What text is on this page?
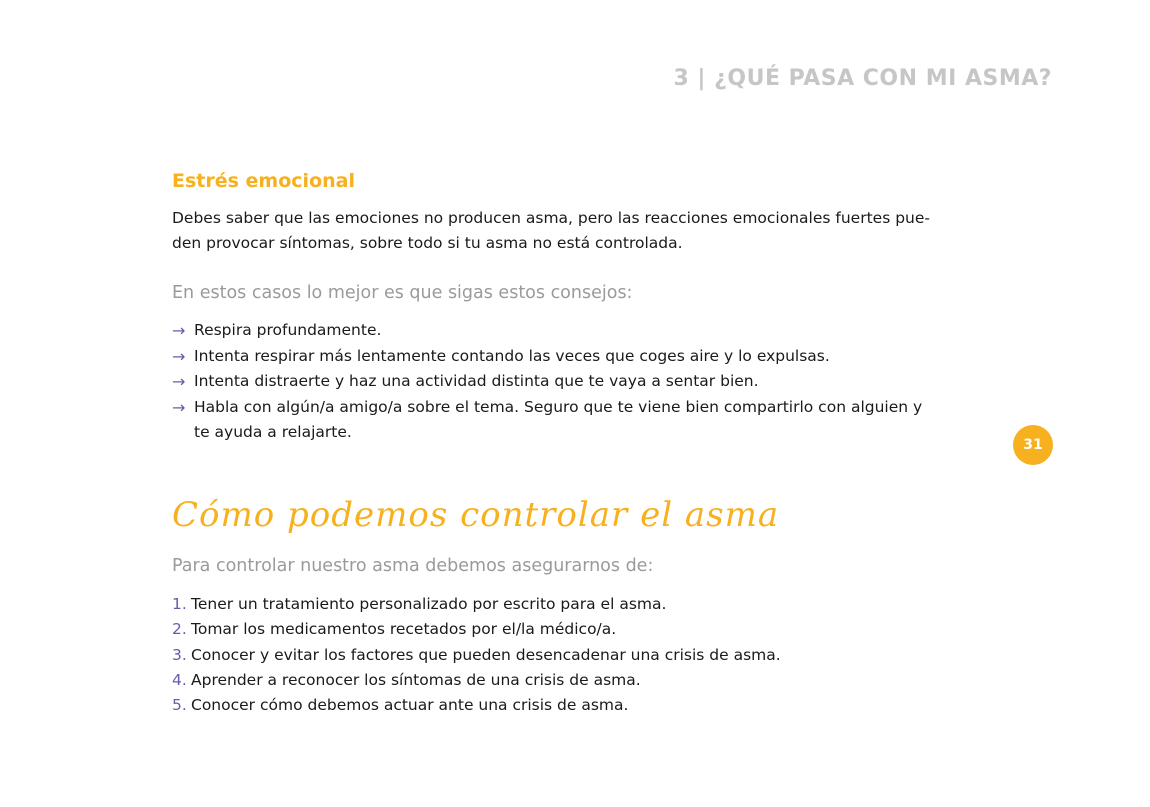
3 | ¿QUÉ PASA CON MI ASMA?
Estrés emocional
Debes saber que las emociones no producen asma, pero las reacciones emocionales fuertes pue-den provocar síntomas, sobre todo si tu asma no está controlada.
En estos casos lo mejor es que sigas estos consejos:
→ Respira profundamente.
→ Intenta respirar más lentamente contando las veces que coges aire y lo expulsas.
→ Intenta distraerte y haz una actividad distinta que te vaya a sentar bien.
→ Habla con algún/a amigo/a sobre el tema. Seguro que te viene bien compartirlo con alguien y te ayuda a relajarte.
31
Cómo podemos controlar el asma
Para controlar nuestro asma debemos asegurarnos de:
1. Tener un tratamiento personalizado por escrito para el asma.
2. Tomar los medicamentos recetados por el/la médico/a.
3. Conocer y evitar los factores que pueden desencadenar una crisis de asma.
4. Aprender a reconocer los síntomas de una crisis de asma.
5. Conocer cómo debemos actuar ante una crisis de asma.
